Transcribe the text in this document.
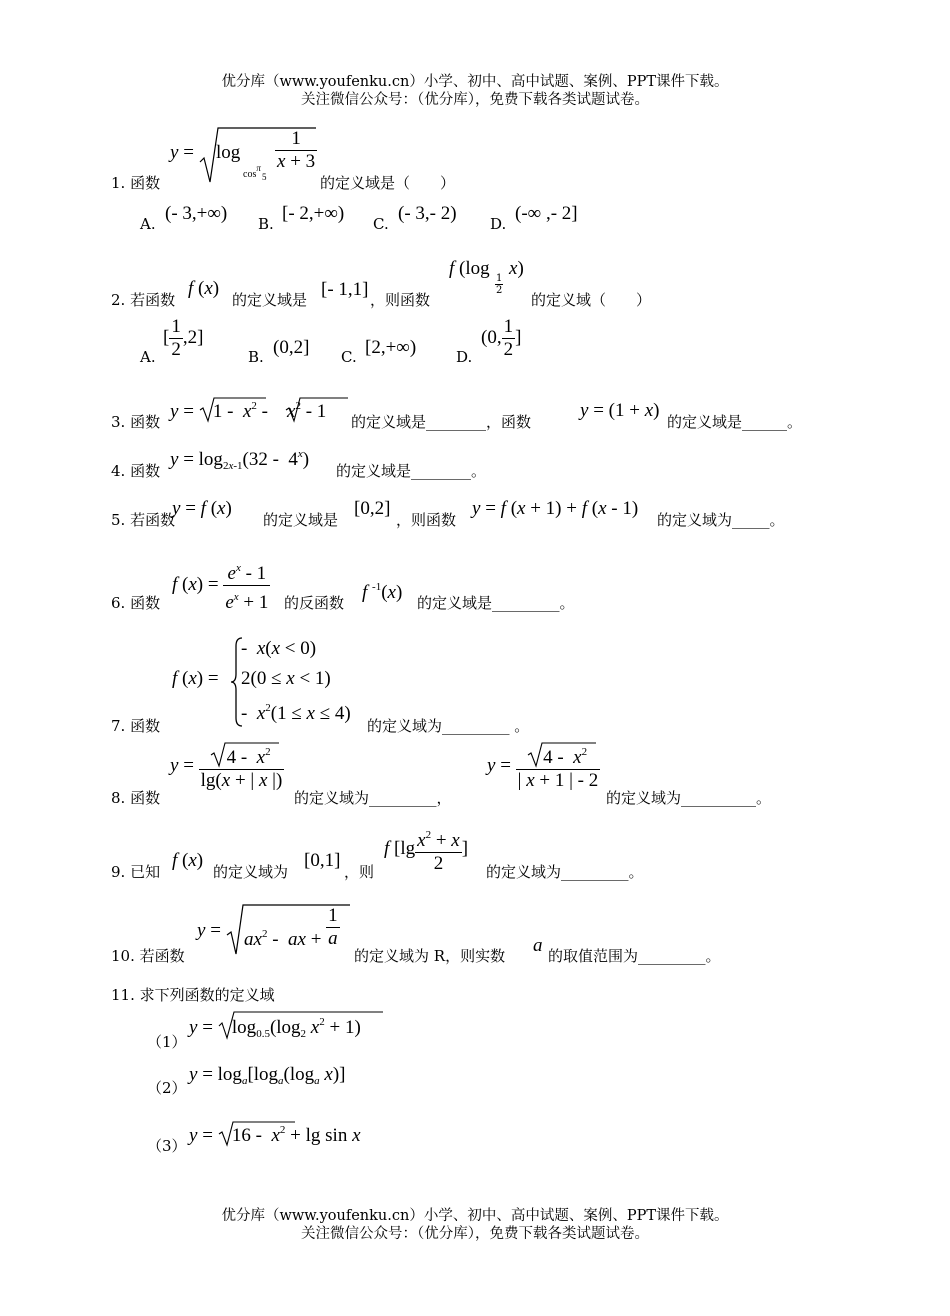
优分库（www.youfenku.cn）小学、初中、高中试题、案例、PPT课件下载。
关注微信公众号：（优分库），免费下载各类试题试卷。
1. 函数
y = log
cosπ
5
$\frac{1}{x + 3}$
的定义域是（　　）
A. (- 3,+∞) B. [- 2,+∞) C. (- 3,- 2) D. (-∞ ,- 2]
2. 若函数
f (x)
的定义域是 [- 1,1] ，则函数
f (log 1
2
x)
的定义域（　　）
A.
[ $\frac{1}{2} ,2$]
B. (0,2] C. [2,+∞)	D.
(0, $\frac{1}{2}$ ]
3. 函数 y =    $1 - x^2$ -    $x^2 - 1$ 的定义域是________，函数
y = (1 + x)
的定义域是______。
4. 函数
$y = \log_{2x-1}(32 - 4^x)$
的定义域是________。
5. 若函数
y = f (x)
的定义域是
[0,2]
，则函数
y = f (x + 1) + f (x - 1)
的定义域为_____。
6. 函数
f $(x) = \frac{e^x - 1}{e^x + 1}$ 的反函数 f $^{-1}$(x) 的定义域是_________。
7. 函数
f (x) =
-  x(x < 0)
2(0 ≤ x < 1)
-  $x^2(1 \le x \le 4)$
的定义域为_________ 。
8. 函数
$y = \frac{4 - x^2}{\lg(x + | x |)}$
的定义域为_________，
$y = \frac{4 - x^2}{| x + 1 | - 2}$
的定义域为__________。
9. 已知
f (x)
的定义域为
[0,1]
，则
f [$\lg \frac{x^2 + x}{2}$ ]
的定义域为_________。
10. 若函数
$y = ax^2$ -  ax + $\frac{1}{a}$
的定义域为 R，则实数 a 的取值范围为_________。
11. 求下列函数的定义域
（1）
y =    $\log_{0.5}(\log_2$ $x^2 + 1$)
（2）
$y = \log_a[\log_a(\log_a$ x)]
（3） y =    $16 - x^2 + \lg \sin x$
优分库（www.youfenku.cn）小学、初中、高中试题、案例、PPT课件下载。
关注微信公众号：（优分库），免费下载各类试题试卷。
